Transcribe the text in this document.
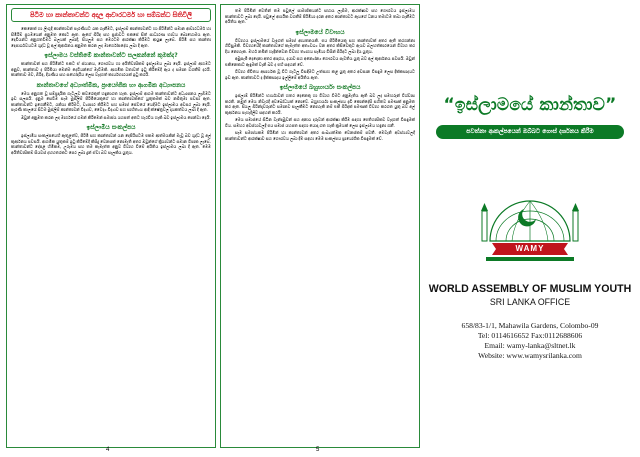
පිටිම හා කාන්තාවන්ට අදාල ආචාරධර්ම හා සම්බන්ධ සිතිවිලි

කෙනෙක් හා ලිංගුදී කාන්තාවන් පැරණියට රැක ගැනීමට, ඉස්ලාම් කාන්තාවන්ට හා පිරිමින්ට සමාන ආචාරධර්ම හා සීමිරිම් ප්‍රථමයෙන් අනුමත කොට ඇත. ඇගේ බිරිඳ සහ ප්‍රජාවට එකසේ සිත් සාධාරණ භාවය බොහොමය ඇත. දෙවියන්ට අනුගතවීමට බලයක් ලබාදී, සියලුම සහ මෙරටම ආරක්ෂා කිරීමට ආයුෂ ලැබේ. පිරිමි සහ කාන්තා දෙපාර්ශවයටම ශුද්ධ වූ අල් කුර්ආනය අනුමත කරන ලද මාර්ගෝපදේශ ලබා දී ඇත.

ඉස්ලාමය වස්තිමේ කාන්තාවන්ට සලකන්නේ කුමක්ද?

කාන්තාවන් සහ පිරිමින්ට එකට ඒ ස්ථානය, ගෞරවය හා අයිතිවාසිකම් ඉස්ලාමය ලබා දෙයි. ඉස්ලාම් ආගමට අනුව, කාන්තාව ද පිරිමියා මෙන්ම දෙවියන්ගේ මැවීමකි. ආගමික වතාවත් ඉටු කිරීමේදී ඇය ද සමාන වගකීම් දරයි. කාන්තාව මව, බිරිඳ, දියණිය සහ සහෝදරිය ලෙස වැදගත් කාර්යභාරයක් ඉටු කරයි.

කාන්තාවගේ අධ්‍යාත්මික, ප්‍රායෝගික හා ආගමික අධ්‍යාපනය

මෙය අනුගත වූ සම්ප්‍රදායික ගැටලුව කවරෙකුත් හඳුනාගත හැක. ඉස්ලාම් ආගම කාන්තාවන්ට අධ්‍යාපනය ලැබීමට ඉඩ සලසයි. දැනුම සෙවීම සෑම මුස්ලිම් පිරිමියෙකුගේ හා කාන්තාවකගේ යුතුකමක් බව නබිතුමා පවසා ඇත. කාන්තාවන්ට ඉගෙනීමට, රැකියා කිරීමට, ව්‍යාපාර කිරීමට සහ සමාජ සේවයේ යෙදීමට ඉස්ලාමය අවසර ලබා දෙයි. පැරණි කාලයේ සිටම මුස්ලිම් කාන්තාවන් විද්‍යාව, වෛද්‍ය විද්‍යාව සහ සාහිත්‍යය ආදී ක්ෂේත්‍රවල දායකත්වය ලබා දී ඇත.

ඔවුන් අනුමත කරන ලද මාර්ගයේ ගමන් කිරීමෙන් සමාජය යහපත් අතට හැරවිය හැකි බව ඉස්ලාමය පෙන්වා දෙයි.

ඉස්ලාමීය සංකල්පය

ඉස්ලාමීය සංකල්පයෙහි ඇතුළත්ව, පිරිමි සහ කාන්තාවන් යන දෙපිරිසටම එකම ආත්මයකින් මැවූ බව ශුද්ධ වූ අල් කුර්ආනය පවසයි. ආගමික යුතුකම් ඉටු කිරීමේදී කිසිදු වෙනසක් නොමැති අතර ඔවුන්ගේ ක්‍රියාවන්ට සමාන විපාක ලැබේ. කාන්තාවන්ට දේපළ හිමිකම, උරුමය සහ තම කැමැත්ත අනුව විවාහ වීමේ අයිතිය ඉස්ලාමය ලබා දී ඇත. මෙම අයිතිවාසිකම් සියවස් දහහතරකට පෙර ලබා දුන් ඒවා බව සැලකිය යුතුය.

4

තම පිරිමින් වෙතින් තම පවුලේ සාමාජිකයන්ට සහාය ලැබීම, ආරක්ෂාව සහ ගෞරවය ඉස්ලාමය කාන්තාවට ලබා දෙයි. පවුලේ ආර්ථික වගකීම් පිරිමියා දරන අතර කාන්තාවට ඇයගේ ධනය තමාටම තබා ගැනීමට අයිතිය ඇත.

ඉස්ලාමයේ විවාහය

විවාහය ඉස්ලාමයේ වැදගත් සමාජ ආයතනයකි. එය පිරිමියෙකු සහ කාන්තාවක් අතර ඇති කරගන්නා ගිවිසුමකි. විවාහයේදී කාන්තාවගේ කැමැත්ත අත්‍යවශ්‍ය වන අතර කිසිවෙකුට ඇයව බලහත්කාරයෙන් විවාහ කර දිය නොහැක. මහර් නමින් හැඳින්වෙන විවාහ ත්‍යාගය සැමියා විසින් බිරිඳට ලබා දිය යුතුය.

අඹුසැමි දෙදෙනා අතර ආදරය, දයාව සහ අන්‍යෝන්‍ය ගෞරවය පැවතිය යුතු බව අල් කුර්ආනය පවසයි. ඔවුන් එකිනෙකාට ඇඳුමක් වැනි බව ද එහි සඳහන් වේ.

විවාහ ජීවිතය අසාර්ථක වූ විට ගැටලු විසඳීමට උත්සාහ කළ යුතු අතර අවසාන විසඳුම ලෙස දික්කසාදයට ඉඩ ඇත. කාන්තාවට ද දික්කසාදය ඉල්ලීමේ අයිතිය ඇත.

ඉස්ලාමයේ බහුභාර්යා සංකල්පය

ඉස්ලාම් පිරිමින්ට භාර්යාවන් හතර දෙනෙකු හා විවාහ වීමට අනුමැතිය ඇති බව ලද සමහරුන් විශ්වාස කරති. නමුත් මෙය නිවැරදි අවබෝධයක් නොවේ. බහුභාර්යා සංකල්පය දැඩි කොන්දේසි සහිතව පමණක් අනුමත කර ඇත. සියලු බිරින්දෑවරුන්ට සමානව සැලකීමට නොහැකි නම් එක් බිරිඳක් පමණක් විවාහ කරගත යුතු බව අල් කුර්ආනය පැහැදිලිව සඳහන් කරයි.

මෙය සමාජයේ සිටින වැන්දඹුවන් සහ අනාථ දරුවන් ආරක්ෂා කිරීම සඳහා ඓතිහාසිකව වැදගත් විසඳුමක් විය. සමහර අවස්ථාවලදී එය සමාජ යහපත සඳහා යොදා ගත හැකි ක්‍රමයක් ලෙස ඉස්ලාමය හඳුනා ගනී.

සෑම සමාජයකම පිරිමින් හා කාන්තාවන් අතර සංඛ්‍යාත්මක වෙනස්කම් පවතී. මෙවැනි අවස්ථාවලදී කාන්තාවන්ට ආරක්ෂාව සහ ගෞරවය ලබා දීම සඳහා මෙම සංකල්පය ප්‍රායෝගික විසඳුමක් වේ.

5
“ඉස්ලාමයේ කාන්තාව”
පවත්නා ආකල්පයෙන් ඔබ්බට ගොස් දර්ශනය කිරීම
WAMY
WORLD ASSEMBLY OF MUSLIM YOUTH
SRI LANKA OFFICE
658/83-1/1, Mahawila Gardens, Colombo-09
Tel: 0114616652 Fax:0112688606
Email: wamy-lanka@sltnet.lk
Website: www.wamysrilanka.com
